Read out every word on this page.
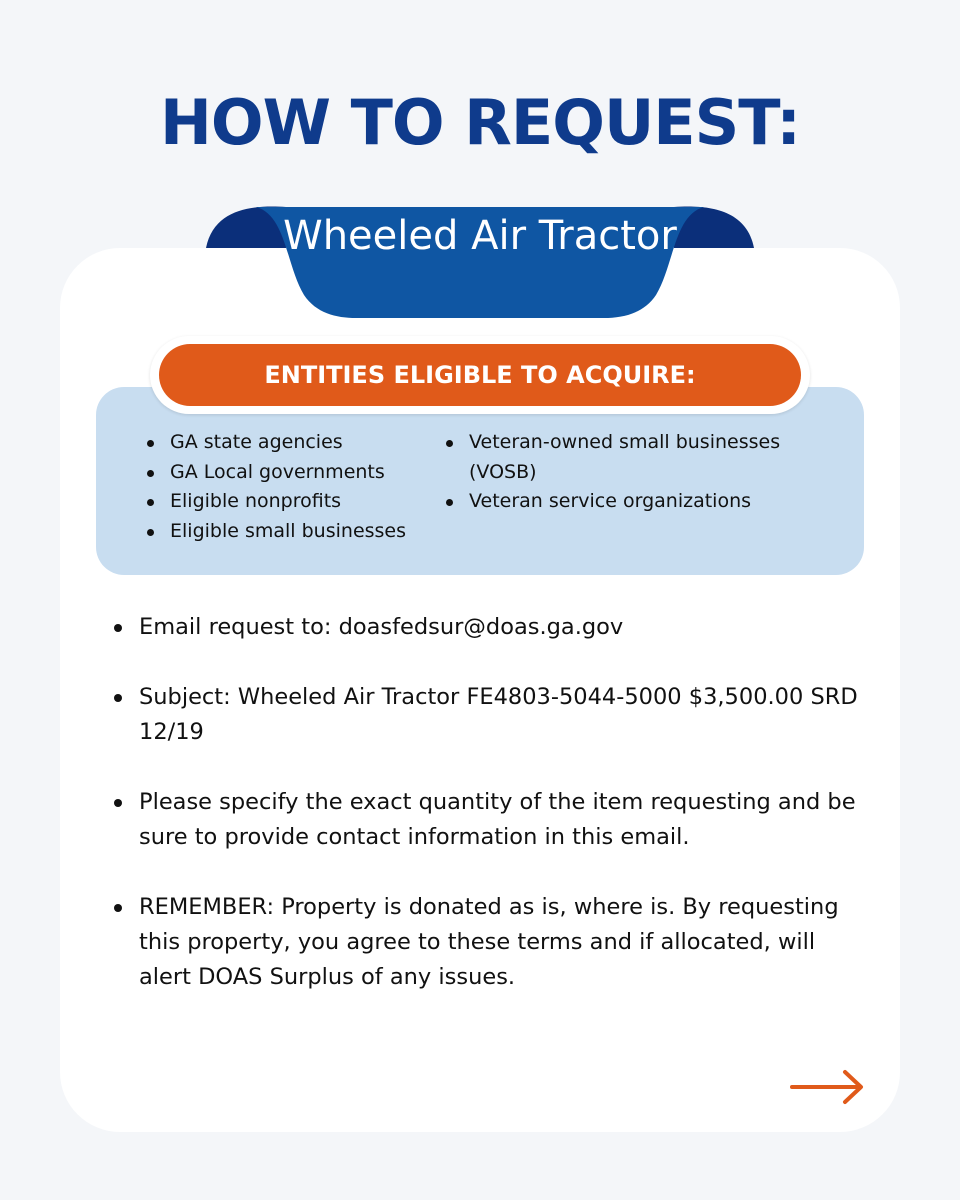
HOW TO REQUEST:
Wheeled Air Tractor
ENTITIES ELIGIBLE TO ACQUIRE:
GA state agencies
GA Local governments
Eligible nonprofits
Eligible small businesses
Veteran-owned small businesses (VOSB)
Veteran service organizations
Email request to: doasfedsur@doas.ga.gov
Subject: Wheeled Air Tractor FE4803-5044-5000 $3,500.00 SRD 12/19
Please specify the exact quantity of the item requesting and be sure to provide contact information in this email.
REMEMBER: Property is donated as is, where is. By requesting this property, you agree to these terms and if allocated, will alert DOAS Surplus of any issues.
